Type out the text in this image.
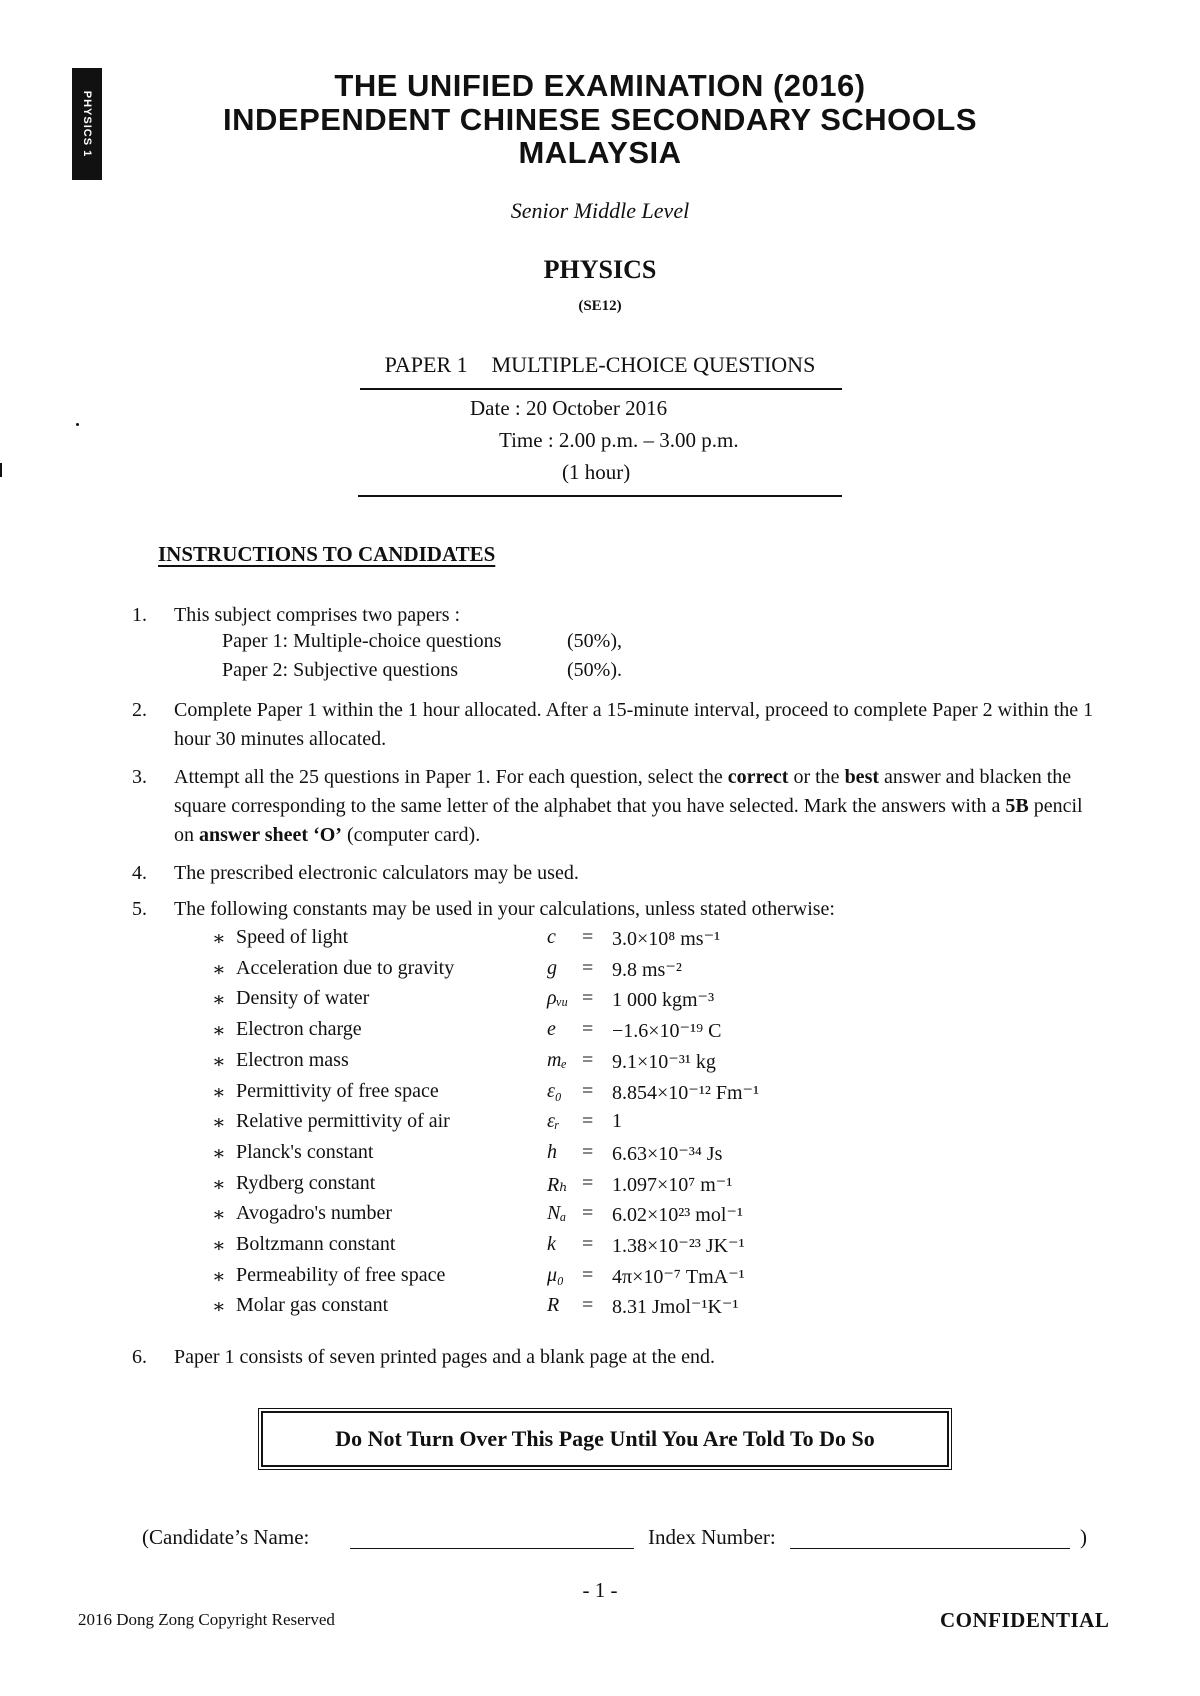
PHYSICS 1
THE UNIFIED EXAMINATION (2016)
INDEPENDENT CHINESE SECONDARY SCHOOLS
MALAYSIA
Senior Middle Level
PHYSICS
(SE12)
PAPER 1 MULTIPLE-CHOICE QUESTIONS
Date : 20 October 2016
Time : 2.00 p.m. – 3.00 p.m.
(1 hour)
INSTRUCTIONS TO CANDIDATES
1. This subject comprises two papers :
Paper 1: Multiple-choice questions	(50%),
Paper 2: Subjective questions	(50%).
2. Complete Paper 1 within the 1 hour allocated. After a 15-minute interval, proceed to complete Paper 2 within the 1 hour 30 minutes allocated.
3. Attempt all the 25 questions in Paper 1. For each question, select the correct or the best answer and blacken the square corresponding to the same letter of the alphabet that you have selected. Mark the answers with a 5B pencil on answer sheet ‘O’ (computer card).
4. The prescribed electronic calculators may be used.
5. The following constants may be used in your calculations, unless stated otherwise:
∗ Speed of light	c = 3.0×10⁸ ms⁻¹
∗ Acceleration due to gravity	g = 9.8 ms⁻²
∗ Density of water	ρᵥᵤ = 1 000 kgm⁻³
∗ Electron charge	e = −1.6×10⁻¹⁹ C
∗ Electron mass	mₑ = 9.1×10⁻³¹ kg
∗ Permittivity of free space	ε₀ = 8.854×10⁻¹² Fm⁻¹
∗ Relative permittivity of air	εᵣ = 1
∗ Planck's constant	h = 6.63×10⁻³⁴ Js
∗ Rydberg constant	Rₕ = 1.097×10⁷ m⁻¹
∗ Avogadro's number	Nₐ = 6.02×10²³ mol⁻¹
∗ Boltzmann constant	k = 1.38×10⁻²³ JK⁻¹
∗ Permeability of free space	μ₀ = 4π×10⁻⁷ TmA⁻¹
∗ Molar gas constant	R = 8.31 Jmol⁻¹K⁻¹
6. Paper 1 consists of seven printed pages and a blank page at the end.
Do Not Turn Over This Page Until You Are Told To Do So
(Candidate’s Name:	Index Number:	)
- 1 -
2016 Dong Zong Copyright Reserved	CONFIDENTIAL
